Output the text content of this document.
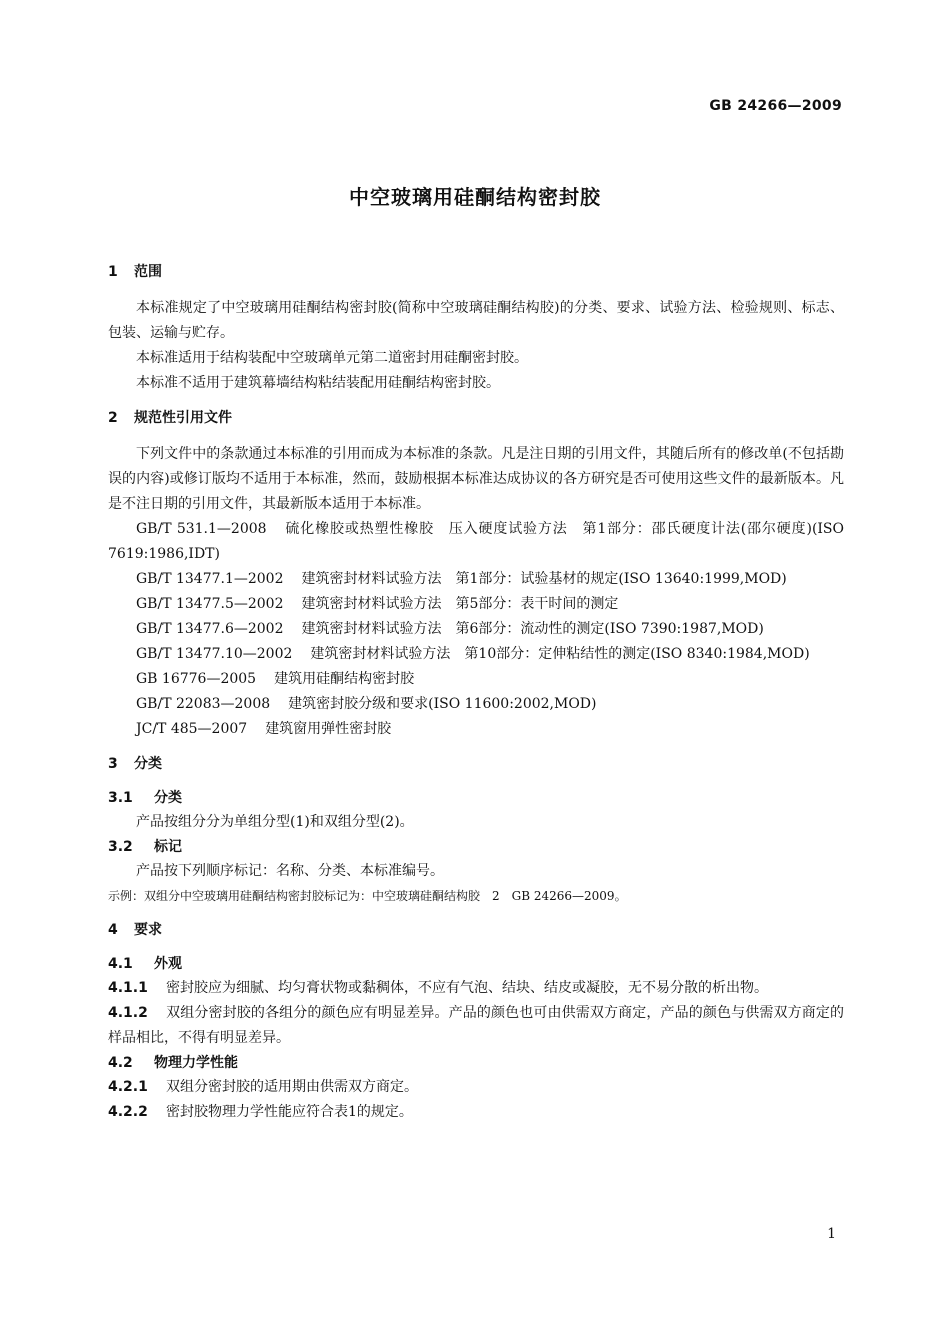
GB 24266—2009
中空玻璃用硅酮结构密封胶
1 范围

本标准规定了中空玻璃用硅酮结构密封胶(简称中空玻璃硅酮结构胶)的分类、要求、试验方法、检验规则、标志、包装、运输与贮存。

本标准适用于结构装配中空玻璃单元第二道密封用硅酮密封胶。

本标准不适用于建筑幕墙结构粘结装配用硅酮结构密封胶。

2 规范性引用文件

下列文件中的条款通过本标准的引用而成为本标准的条款。凡是注日期的引用文件，其随后所有的修改单(不包括勘误的内容)或修订版均不适用于本标准，然而，鼓励根据本标准达成协议的各方研究是否可使用这些文件的最新版本。凡是不注日期的引用文件，其最新版本适用于本标准。

GB/T 531.1—2008 硫化橡胶或热塑性橡胶　压入硬度试验方法　第1部分：邵氏硬度计法(邵尔硬度)(ISO 7619:1986,IDT)

GB/T 13477.1—2002 建筑密封材料试验方法　第1部分：试验基材的规定(ISO 13640:1999,MOD)

GB/T 13477.5—2002 建筑密封材料试验方法　第5部分：表干时间的测定

GB/T 13477.6—2002 建筑密封材料试验方法　第6部分：流动性的测定(ISO 7390:1987,MOD)

GB/T 13477.10—2002 建筑密封材料试验方法　第10部分：定伸粘结性的测定(ISO 8340:1984,MOD)

GB 16776—2005 建筑用硅酮结构密封胶

GB/T 22083—2008 建筑密封胶分级和要求(ISO 11600:2002,MOD)

JC/T 485—2007 建筑窗用弹性密封胶

3 分类
3.1 分类

产品按组分分为单组分型(1)和双组分型(2)。

3.2 标记

产品按下列顺序标记：名称、分类、本标准编号。

示例：双组分中空玻璃用硅酮结构密封胶标记为：中空玻璃硅酮结构胶　2　GB 24266—2009。

4 要求
4.1 外观

4.1.1 密封胶应为细腻、均匀膏状物或黏稠体，不应有气泡、结块、结皮或凝胶，无不易分散的析出物。

4.1.2 双组分密封胶的各组分的颜色应有明显差异。产品的颜色也可由供需双方商定，产品的颜色与供需双方商定的样品相比，不得有明显差异。

4.2 物理力学性能

4.2.1 双组分密封胶的适用期由供需双方商定。

4.2.2 密封胶物理力学性能应符合表1的规定。

1
